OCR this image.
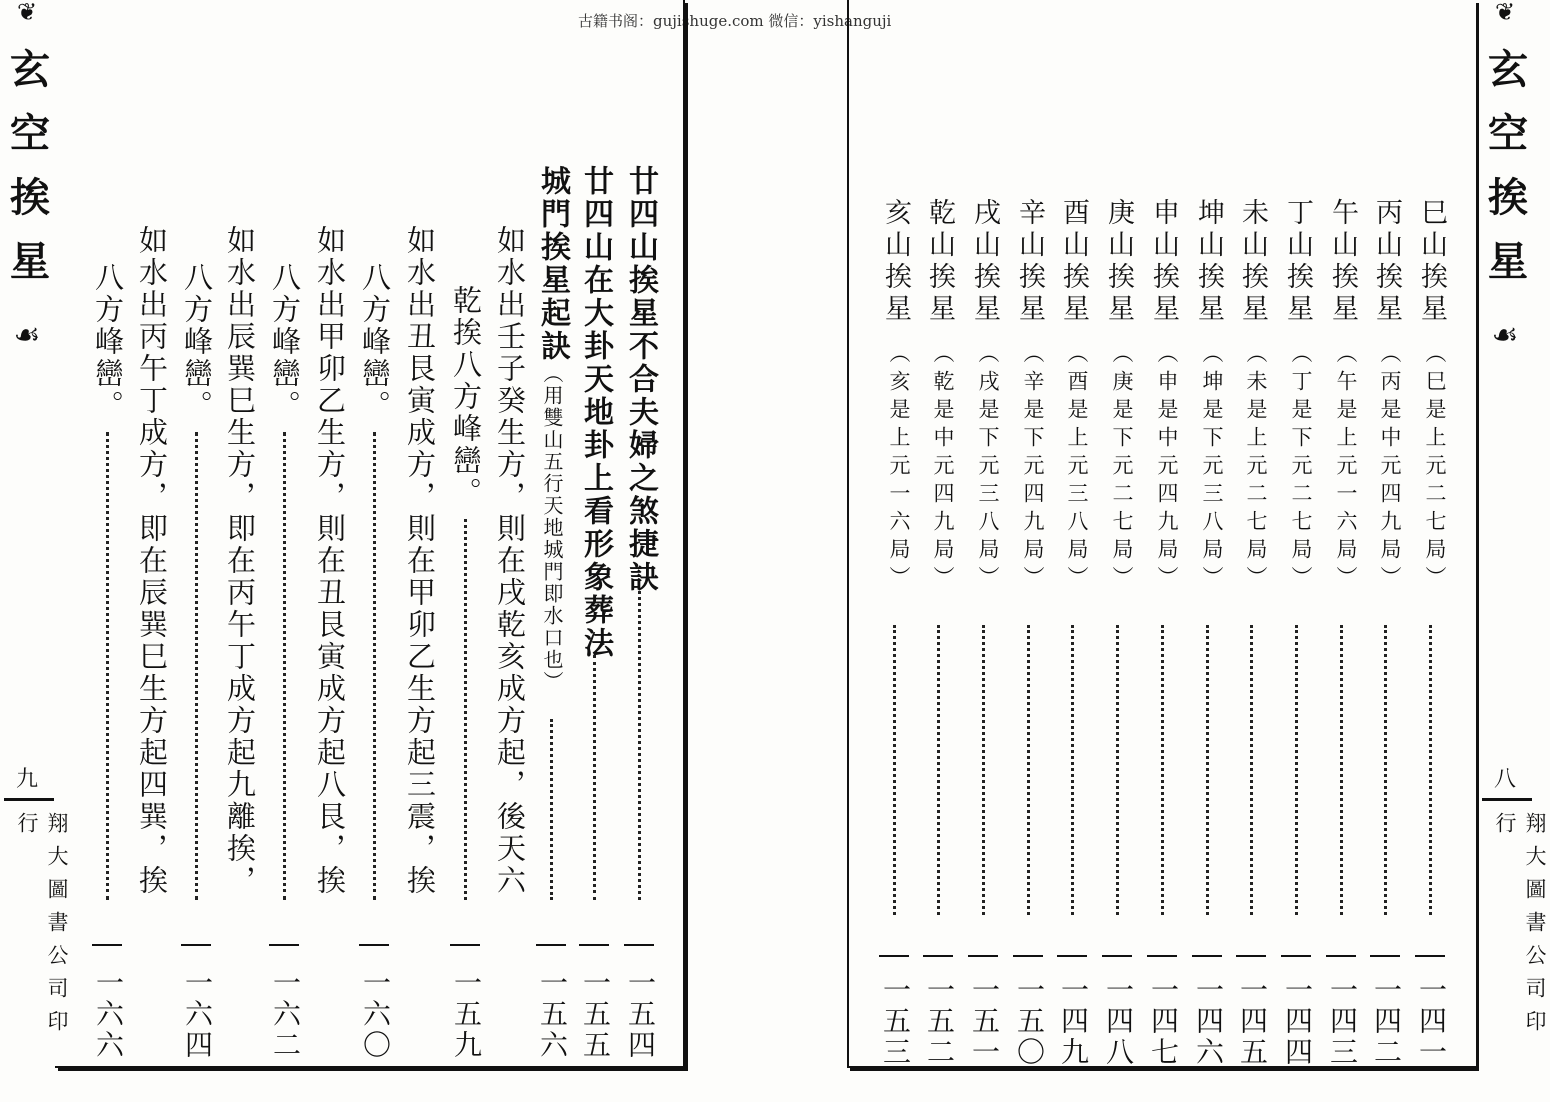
古籍书阁：gujishuge.com 微信：yishanguji
❦
玄空挨星
☙
九
翔大圖書公司印行
❦
玄空挨星
☙
八
翔大圖書公司印行
廿四山挨星不合夫婦之煞捷訣
一五四
廿四山在大卦天地卦上看形象葬法
一五五
城門挨星起訣（用雙山五行天地城門即水口也）
一五六
如水出壬子癸生方，則在戌乾亥成方起，後天六
乾挨八方峰巒。
一五九
如水出丑艮寅成方，則在甲卯乙生方起三震，挨
八方峰巒。
一六〇
如水出甲卯乙生方，則在丑艮寅成方起八艮，挨
八方峰巒。
一六二
如水出辰巽巳生方，即在丙午丁成方起九離挨，
八方峰巒。
一六四
如水出丙午丁成方，即在辰巽巳生方起四巽，挨
八方峰巒。
一六六
巳山挨星
（巳是上元二七局）
一四一
丙山挨星
（丙是中元四九局）
一四二
午山挨星
（午是上元一六局）
一四三
丁山挨星
（丁是下元二七局）
一四四
未山挨星
（未是上元二七局）
一四五
坤山挨星
（坤是下元三八局）
一四六
申山挨星
（申是中元四九局）
一四七
庚山挨星
（庚是下元二七局）
一四八
酉山挨星
（酉是上元三八局）
一四九
辛山挨星
（辛是下元四九局）
一五〇
戌山挨星
（戌是下元三八局）
一五一
乾山挨星
（乾是中元四九局）
一五二
亥山挨星
（亥是上元一六局）
一五三
